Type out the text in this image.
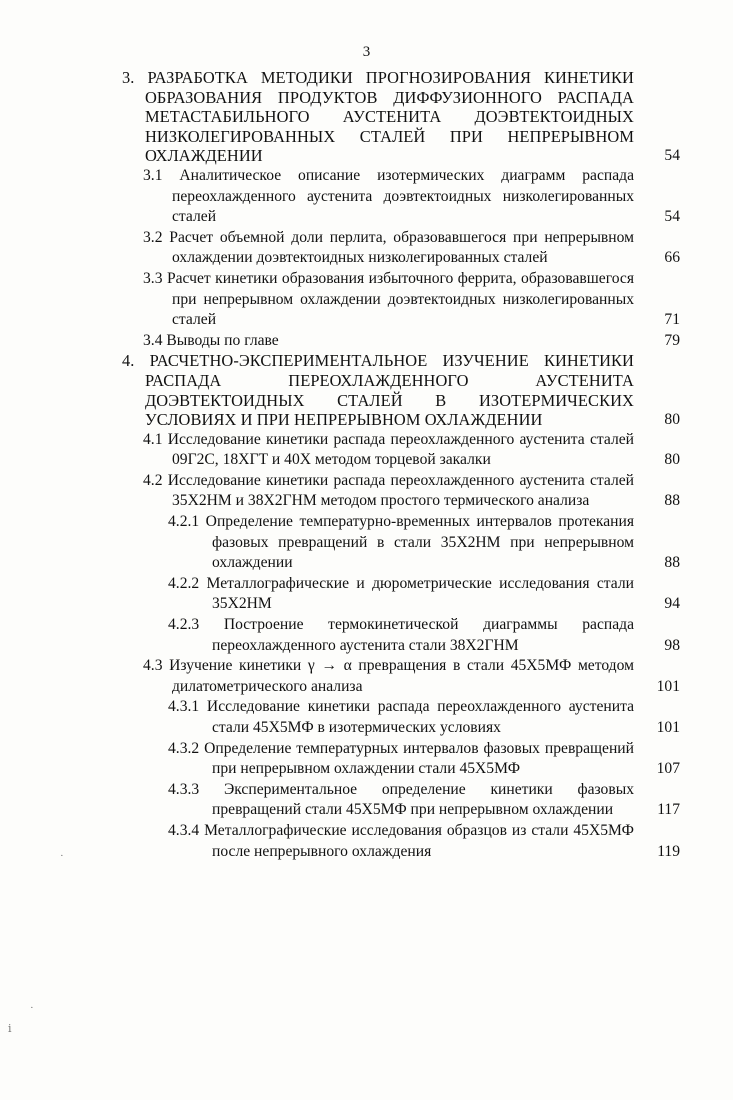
3
3. РАЗРАБОТКА МЕТОДИКИ ПРОГНОЗИРОВАНИЯ КИНЕТИКИ ОБРАЗОВАНИЯ ПРОДУКТОВ ДИФФУЗИОННОГО РАСПАДА МЕТАСТАБИЛЬНОГО АУСТЕНИТА ДОЭВТЕКТОИДНЫХ НИЗКОЛЕГИРОВАННЫХ СТАЛЕЙ ПРИ НЕПРЕРЫВНОМ ОХЛАЖДЕНИИ	54
3.1 Аналитическое описание изотермических диаграмм распада переохлажденного аустенита доэвтектоидных низколегированных сталей	54
3.2 Расчет объемной доли перлита, образовавшегося при непрерывном охлаждении доэвтектоидных низколегированных сталей	66
3.3 Расчет кинетики образования избыточного феррита, образовавшегося при непрерывном охлаждении доэвтектоидных низколегированных сталей	71
3.4 Выводы по главе	79
4. РАСЧЕТНО-ЭКСПЕРИМЕНТАЛЬНОЕ ИЗУЧЕНИЕ КИНЕТИКИ РАСПАДА ПЕРЕОХЛАЖДЕННОГО АУСТЕНИТА ДОЭВТЕКТОИДНЫХ СТАЛЕЙ В ИЗОТЕРМИЧЕСКИХ УСЛОВИЯХ И ПРИ НЕПРЕРЫВНОМ ОХЛАЖДЕНИИ	80
4.1 Исследование кинетики распада переохлажденного аустенита сталей 09Г2С, 18ХГТ и 40Х методом торцевой закалки	80
4.2 Исследование кинетики распада переохлажденного аустенита сталей 35Х2НМ и 38Х2ГНМ методом простого термического анализа	88
4.2.1 Определение температурно-временных интервалов протекания фазовых превращений в стали 35Х2НМ при непрерывном охлаждении	88
4.2.2 Металлографические и дюрометрические исследования стали 35Х2НМ	94
4.2.3 Построение термокинетической диаграммы распада переохлажденного аустенита стали 38Х2ГНМ	98
4.3 Изучение кинетики γ → α превращения в стали 45Х5МФ методом дилатометрического анализа	101
4.3.1 Исследование кинетики распада переохлажденного аустенита стали 45Х5МФ в изотермических условиях	101
4.3.2 Определение температурных интервалов фазовых превращений при непрерывном охлаждении стали 45Х5МФ	107
4.3.3 Экспериментальное определение кинетики фазовых превращений стали 45Х5МФ при непрерывном охлаждении	117
4.3.4 Металлографические исследования образцов из стали 45Х5МФ после непрерывного охлаждения	119
·
·
ⅰ
